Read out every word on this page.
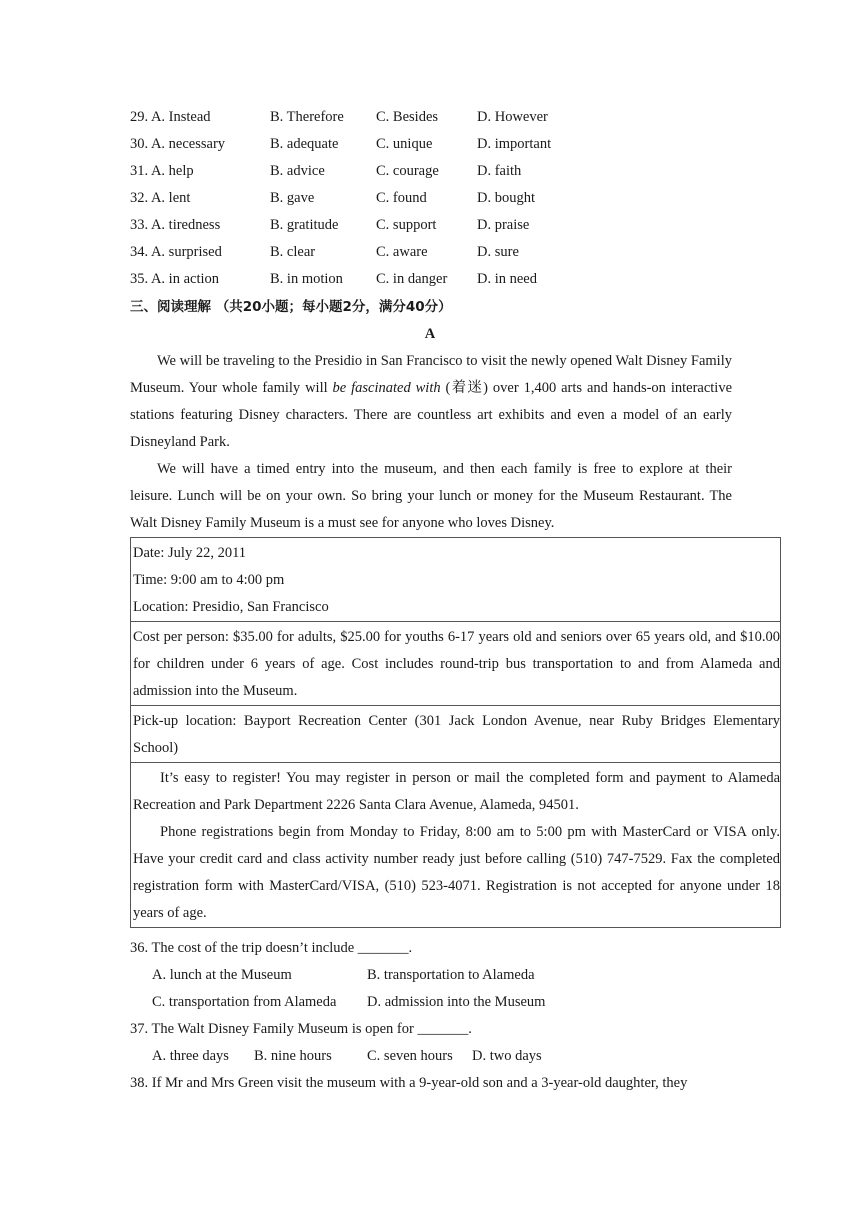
29. A. Instead	B. Therefore C. Besides	D. However
30. A. necessary	B. adequate	C. unique	D. important
31. A. help	B. advice	C. courage	D. faith
32. A. lent	B. gave	C. found	D. bought
33. A. tiredness	B. gratitude	C. support	D. praise
34. A. surprised	B. clear	C. aware	D. sure
35. A. in action	B. in motion C. in danger D. in need
三、阅读理解 （共20小题；每小题2分，满分40分）
A
We will be traveling to the Presidio in San Francisco to visit the newly opened Walt Disney Family Museum. Your whole family will be fascinated with (着迷) over 1,400 arts and hands-on interactive stations featuring Disney characters. There are countless art exhibits and even a model of an early Disneyland Park.
We will have a timed entry into the museum, and then each family is free to explore at their leisure. Lunch will be on your own. So bring your lunch or money for the Museum Restaurant. The Walt Disney Family Museum is a must see for anyone who loves Disney.
Date: July 22, 2011
Time: 9:00 am to 4:00 pm
Location: Presidio, San Francisco

Cost per person: $35.00 for adults, $25.00 for youths 6-17 years old and seniors over 65 years old, and $10.00 for children under 6 years of age. Cost includes round-trip bus transportation to and from Alameda and admission into the Museum.

Pick-up location: Bayport Recreation Center (301 Jack London Avenue, near Ruby Bridges Elementary School)

It’s easy to register! You may register in person or mail the completed form and payment to Alameda Recreation and Park Department 2226 Santa Clara Avenue, Alameda, 94501.
Phone registrations begin from Monday to Friday, 8:00 am to 5:00 pm with MasterCard or VISA only. Have your credit card and class activity number ready just before calling (510) 747-7529. Fax the completed registration form with MasterCard/VISA, (510) 523-4071. Registration is not accepted for anyone under 18 years of age.
36. The cost of the trip doesn’t include _______.
A. lunch at the Museum	B. transportation to Alameda
C. transportation from Alameda D. admission into the Museum
37. The Walt Disney Family Museum is open for _______.
A. three days B. nine hours C. seven hours D. two days
38. If Mr and Mrs Green visit the museum with a 9-year-old son and a 3-year-old daughter, they
